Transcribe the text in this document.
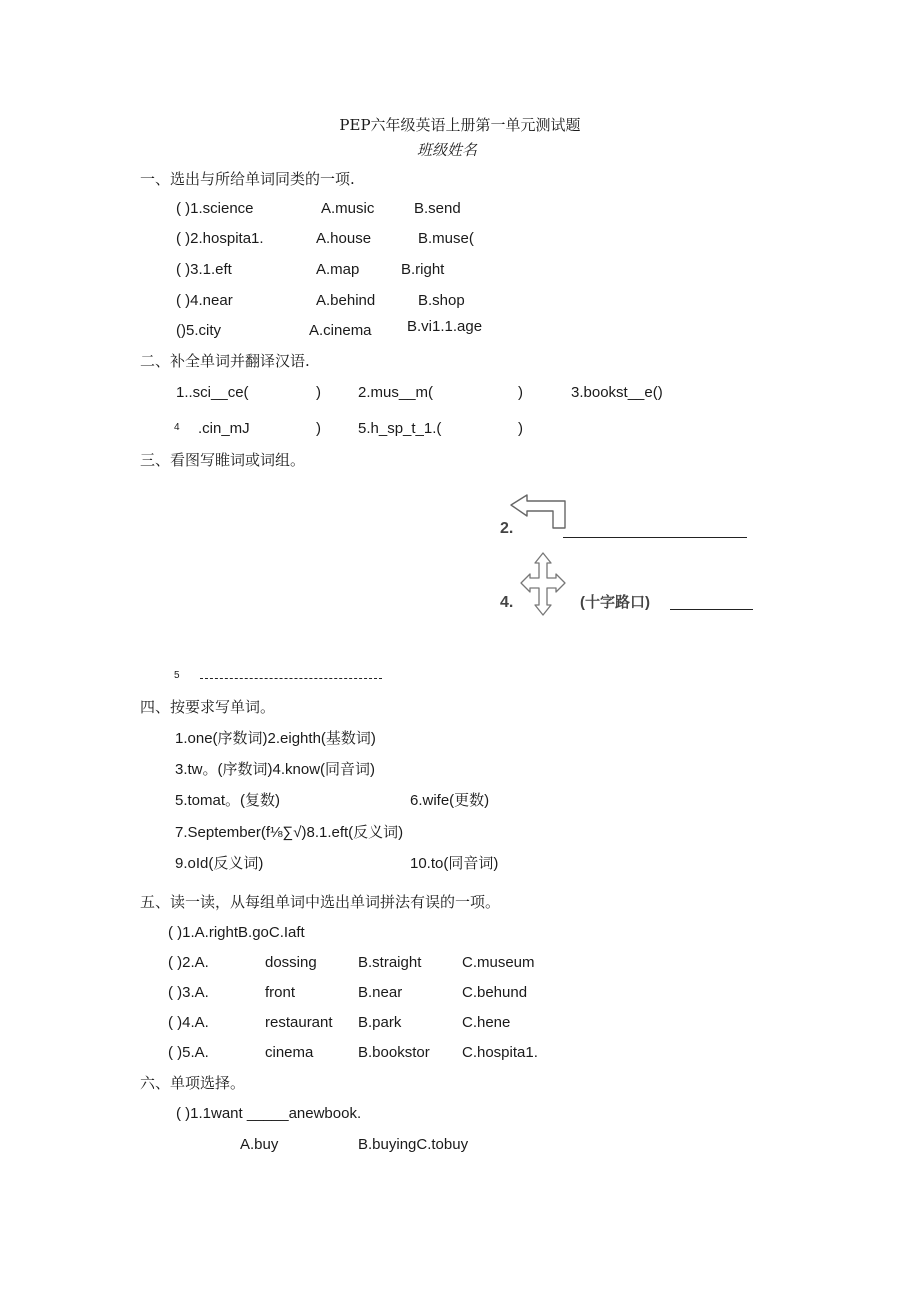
PEP六年级英语上册第一单元测试题
班级姓名
一、选出与所给单词同类的一项.
( )1.science	A.music	B.send
( )2.hospita1.	A.house	B.muse(
( )3.1.eft	A.map	B.right
( )4.near	A.behind	B.shop
()5.city	A.cinema B.vi1.1.age
二、补全单词并翻译汉语.
1..sci__ce(	) 2.mus__m(	)	3.bookst__e()
4 .cin_mJ	) 5.h_sp_t_1.(	)
三、看图写睢词或词组。
2.
4.	(十字路口)
5
四、按要求写单词。
1.one(序数词)2.eighth(基数词)
3.tw。(序数词)4.know(同音词)
5.tomat。(复数)	6.wife(更数)
7.September(f⅛∑√)8.1.eft(反义词)
9.oId(反义词)	10.to(同音词)
五、读一读，从每组单词中选出单词拼法有误的一项。
( )1.A.rightB.goC.Iaft
( )2.A.	dossing	B.straight	C.museum
( )3.A.	front	B.near	C.behund
( )4.A.	restaurant B.park	C.hene
( )5.A.	cinema	B.bookstor C.hospita1.
六、单项选择。
( )1.1want _____anewbook.
A.buy	B.buyingC.tobuy
